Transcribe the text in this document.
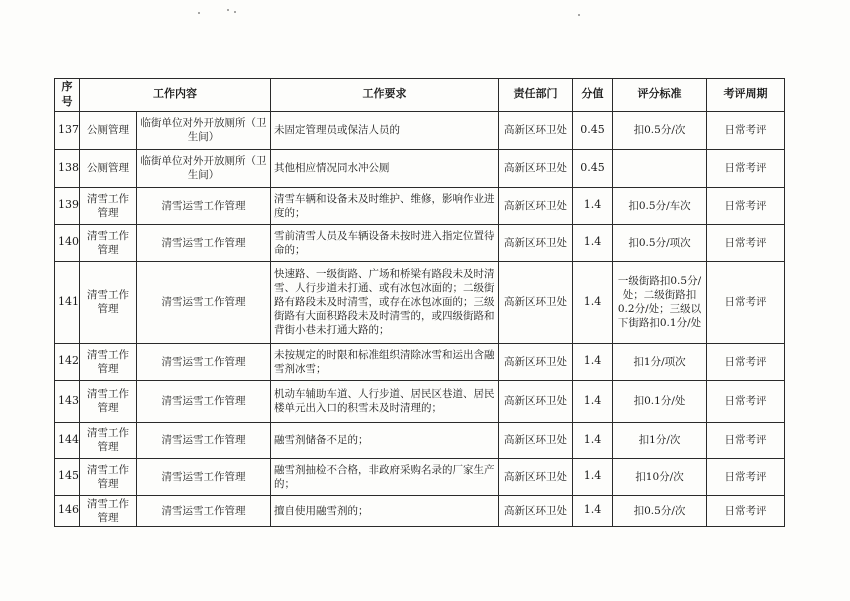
序号	工作内容		工作要求	责任部门	分值	评分标准	考评周期
137	公厕管理	临街单位对外开放厕所（卫生间）	未固定管理员或保洁人员的	高新区环卫处	0.45	扣0.5分/次	日常考评
138	公厕管理	临街单位对外开放厕所（卫生间）	其他相应情况同水冲公厕	高新区环卫处	0.45		日常考评
139	清雪工作管理	清雪运雪工作管理	清雪车辆和设备未及时维护、维修，影响作业进度的；	高新区环卫处	1.4	扣0.5分/车次	日常考评
140	清雪工作管理	清雪运雪工作管理	雪前清雪人员及车辆设备未按时进入指定位置待命的；	高新区环卫处	1.4	扣0.5分/项次	日常考评
141	清雪工作管理	清雪运雪工作管理	快速路、一级街路、广场和桥梁有路段未及时清雪、人行步道未打通、或有冰包冰面的；二级街路有路段未及时清雪，或存在冰包冰面的；三级街路有大面积路段未及时清雪的，或四级街路和背街小巷未打通大路的；	高新区环卫处	1.4	一级街路扣0.5分/处；二级街路扣0.2分/处；三级以下街路扣0.1分/处	日常考评
142	清雪工作管理	清雪运雪工作管理	未按规定的时限和标准组织清除冰雪和运出含融雪剂冰雪；	高新区环卫处	1.4	扣1分/项次	日常考评
143	清雪工作管理	清雪运雪工作管理	机动车辅助车道、人行步道、居民区巷道、居民楼单元出入口的积雪未及时清理的；	高新区环卫处	1.4	扣0.1分/处	日常考评
144	清雪工作管理	清雪运雪工作管理	融雪剂储备不足的；	高新区环卫处	1.4	扣1分/次	日常考评
145	清雪工作管理	清雪运雪工作管理	融雪剂抽检不合格，非政府采购名录的厂家生产的；	高新区环卫处	1.4	扣10分/次	日常考评
146	清雪工作管理	清雪运雪工作管理	擅自使用融雪剂的；	高新区环卫处	1.4	扣0.5分/次	日常考评
